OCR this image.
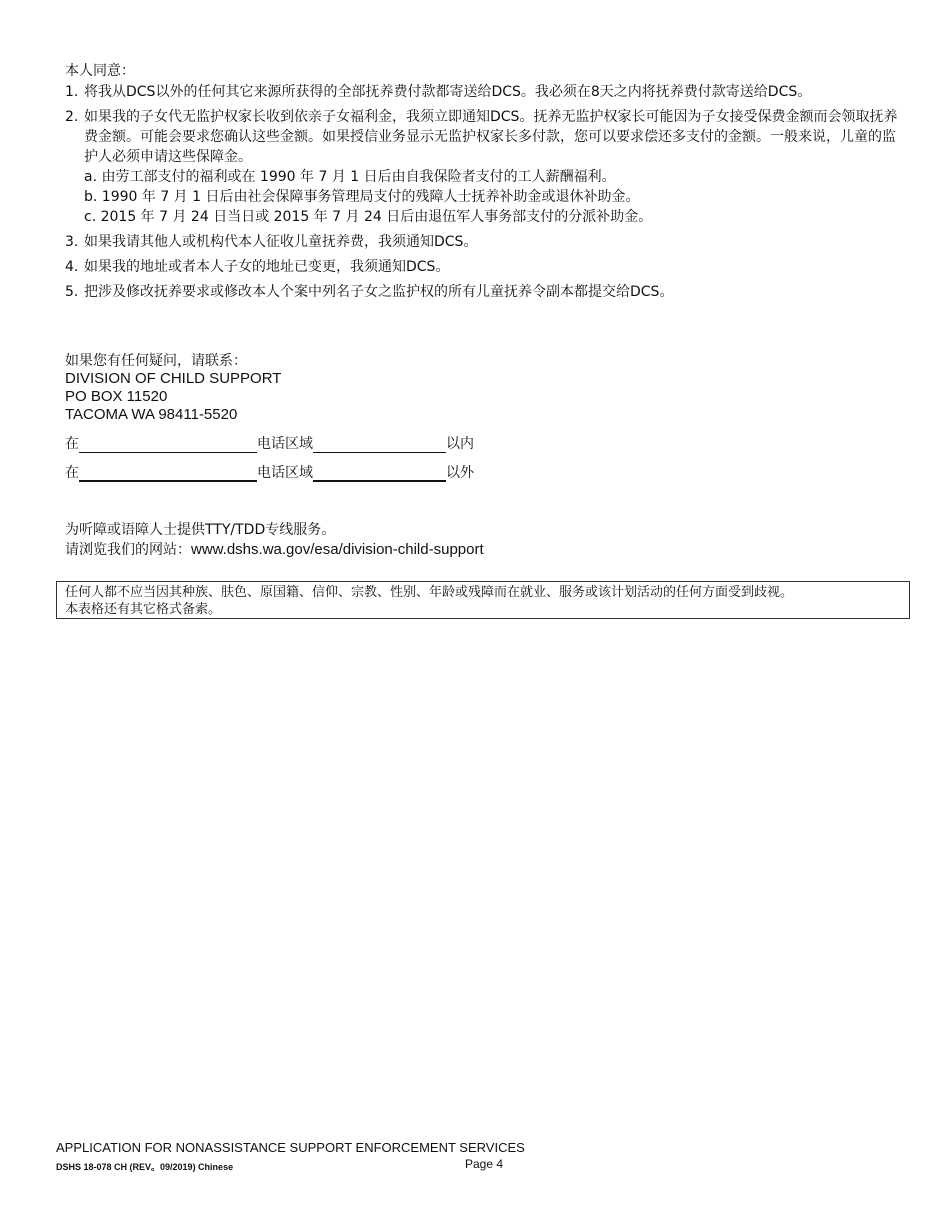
本人同意：
1. 将我从DCS以外的任何其它来源所获得的全部抚养费付款都寄送给DCS。我必须在8天之内将抚养费付款寄送给DCS。
2. 如果我的子女代无监护权家长收到依亲子女福利金，我须立即通知DCS。抚养无监护权家长可能因为子女接受保费金额而会领取抚养费金额。可能会要求您确认这些金额。如果授信业务显示无监护权家长多付款，您可以要求偿还多支付的金额。一般来说，儿童的监护人必须申请这些保障金。
a. 由劳工部支付的福利或在 1990 年 7 月 1 日后由自我保险者支付的工人薪酬福利。
b. 1990 年 7 月 1 日后由社会保障事务管理局支付的残障人士抚养补助金或退休补助金。
c. 2015 年 7 月 24 日当日或 2015 年 7 月 24 日后由退伍军人事务部支付的分派补助金。
3. 如果我请其他人或机构代本人征收儿童抚养费，我须通知DCS。
4. 如果我的地址或者本人子女的地址已变更，我须通知DCS。
5. 把涉及修改抚养要求或修改本人个案中列名子女之监护权的所有儿童抚养令副本都提交给DCS。
如果您有任何疑问，请联系：
DIVISION OF CHILD SUPPORT
PO BOX 11520
TACOMA WA 98411-5520
在	电话区域	以内
在	电话区域	以外
为听障或语障人士提供TTY/TDD专线服务。
请浏览我们的网站：www.dshs.wa.gov/esa/division-child-support
任何人都不应当因其种族、肤色、原国籍、信仰、宗教、性别、年龄或残障而在就业、服务或该计划活动的任何方面受到歧视。
本表格还有其它格式备索。
APPLICATION FOR NONASSISTANCE SUPPORT ENFORCEMENT SERVICES
DSHS 18-078 CH (REV。09/2019) Chinese	Page 4
